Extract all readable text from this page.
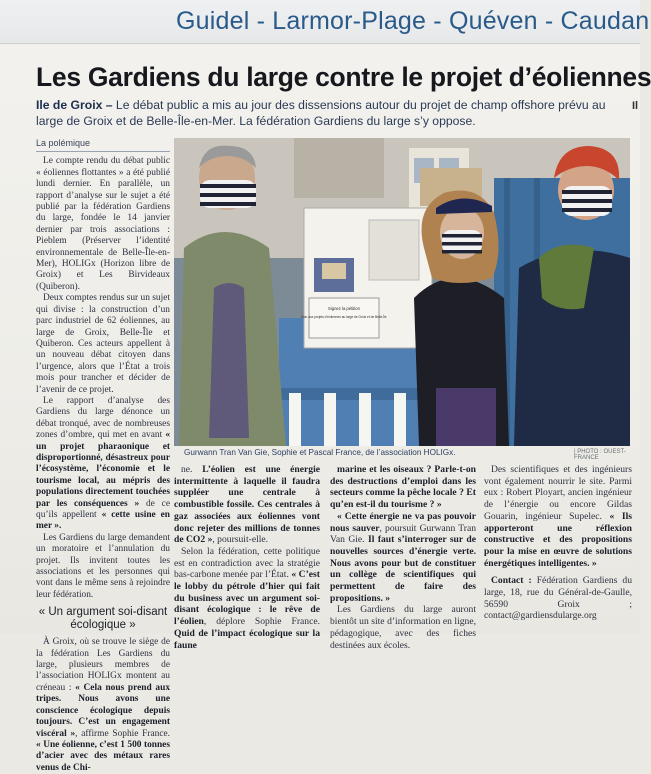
Guidel - Larmor-Plage - Quéven - Caudan
Les Gardiens du large contre le projet d’éoliennes
Ile de Groix – Le débat public a mis au jour des dissensions autour du projet de champ offshore prévu au large de Groix et de Belle-Île-en-Mer. La fédération Gardiens du large s’y oppose.
Il
La polémique

Le compte rendu du débat public « éoliennes flottantes » a été publié lundi dernier. En parallèle, un rapport d’analyse sur le sujet a été publié par la fédération Gardiens du large, fondée le 14 janvier dernier par trois associations : Pieblem (Préserver l’identité environnementale de Belle-Île-en-Mer), HOLIGx (Horizon libre de Groix) et Les Birvideaux (Quiberon).

Deux comptes rendus sur un sujet qui divise : la construction d’un parc industriel de 62 éoliennes, au large de Groix, Belle-Île et Quiberon. Ces acteurs appellent à un nouveau débat citoyen dans l’urgence, alors que l’État a trois mois pour trancher et décider de l’avenir de ce projet.

Le rapport d’analyse des Gardiens du large dénonce un débat tronqué, avec de nombreuses zones d’ombre, qui met en avant « un projet pharaonique et disproportionné, désastreux pour l’écosystème, l’économie et le tourisme local, au mépris des populations directement touchées par les conséquences » de ce qu’ils appellent « cette usine en mer ».

Les Gardiens du large demandent un moratoire et l’annulation du projet. Ils invitent toutes les associations et les personnes qui vont dans le même sens à rejoindre leur fédération.

« Un argument soi-disant écologique »

À Groix, où se trouve le siège de la fédération Les Gardiens du large, plusieurs membres de l’association HOLIGx montent au créneau : « Cela nous prend aux tripes. Nous avons une conscience écologique depuis toujours. C’est un engagement viscéral », affirme Sophie France. « Une éolienne, c’est 1 500 tonnes d’acier avec des métaux rares venus de Chi-

Signez la pétition
Non aux projets d’éoliennes au large de Groix et de Belle-Île
Gurwann Tran Van Gie, Sophie et Pascal France, de l’association HOLIGx.	| PHOTO : OUEST-FRANCE

ne. L’éolien est une énergie intermittente à laquelle il faudra suppléer une centrale à combustible fossile. Ces centrales à gaz associées aux éoliennes vont donc rejeter des millions de tonnes de CO2 », poursuit-elle.

Selon la fédération, cette politique est en contradiction avec la stratégie bas-carbone menée par l’État. « C’est le lobby du pétrole d’hier qui fait du business avec un argument soi-disant écologique : le rêve de l’éolien, déplore Sophie France. Quid de l’impact écologique sur la faune

marine et les oiseaux ? Parle-t-on des destructions d’emploi dans les secteurs comme la pêche locale ? Et qu’en est-il du tourisme ? »

« Cette énergie ne va pas pouvoir nous sauver, poursuit Gurwann Tran Van Gie. Il faut s’interroger sur de nouvelles sources d’énergie verte. Nous avons pour but de constituer un collège de scientifiques qui permettent de faire des propositions. »

Les Gardiens du large auront bientôt un site d’information en ligne, pédagogique, avec des fiches destinées aux écoles.

Des scientifiques et des ingénieurs vont également nourrir le site. Parmi eux : Robert Ployart, ancien ingénieur de l’énergie ou encore Gildas Gouarin, ingénieur Supelec. « Ils apporteront une réflexion constructive et des propositions pour la mise en œuvre de solutions énergétiques intelligentes. »

Contact : Fédération Gardiens du large, 18, rue du Général-de-Gaulle, 56590 Groix ; contact@gardiensdularge.org
